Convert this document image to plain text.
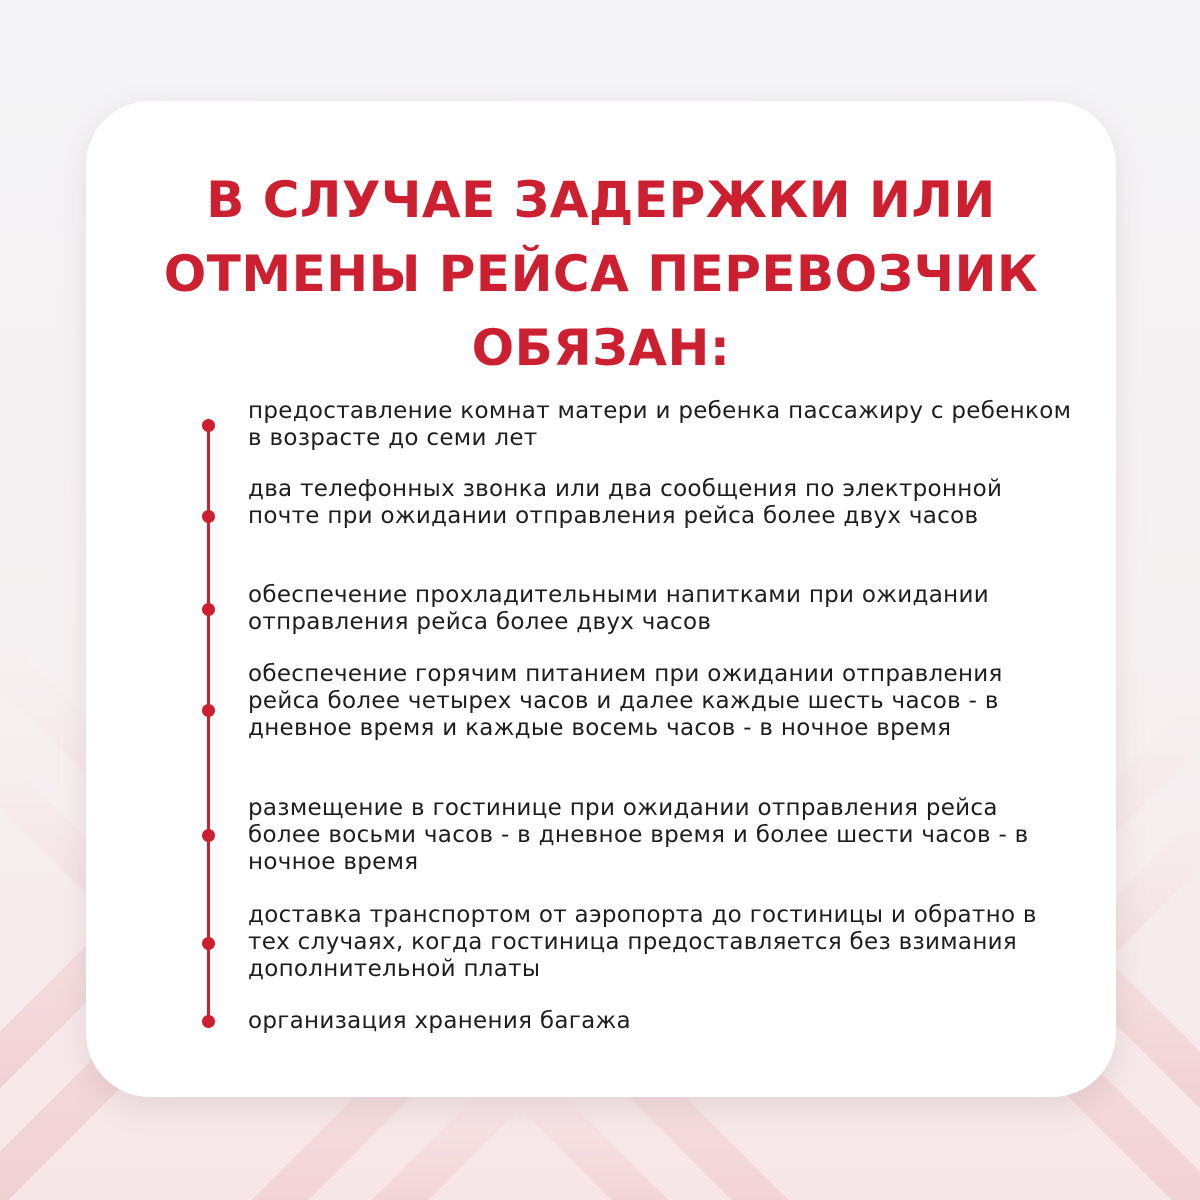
В СЛУЧАЕ ЗАДЕРЖКИ ИЛИ
ОТМЕНЫ РЕЙСА ПЕРЕВОЗЧИК
ОБЯЗАН:
предоставление комнат матери и ребенка пассажиру с ребенком в возрасте до семи лет
два телефонных звонка или два сообщения по электронной почте при ожидании отправления рейса более двух часов
обеспечение прохладительными напитками при ожидании отправления рейса более двух часов
обеспечение горячим питанием при ожидании отправления рейса более четырех часов и далее каждые шесть часов - в дневное время и каждые восемь часов - в ночное время
размещение в гостинице при ожидании отправления рейса более восьми часов - в дневное время и более шести часов - в ночное время
доставка транспортом от аэропорта до гостиницы и обратно в тех случаях, когда гостиница предоставляется без взимания дополнительной платы
организация хранения багажа
